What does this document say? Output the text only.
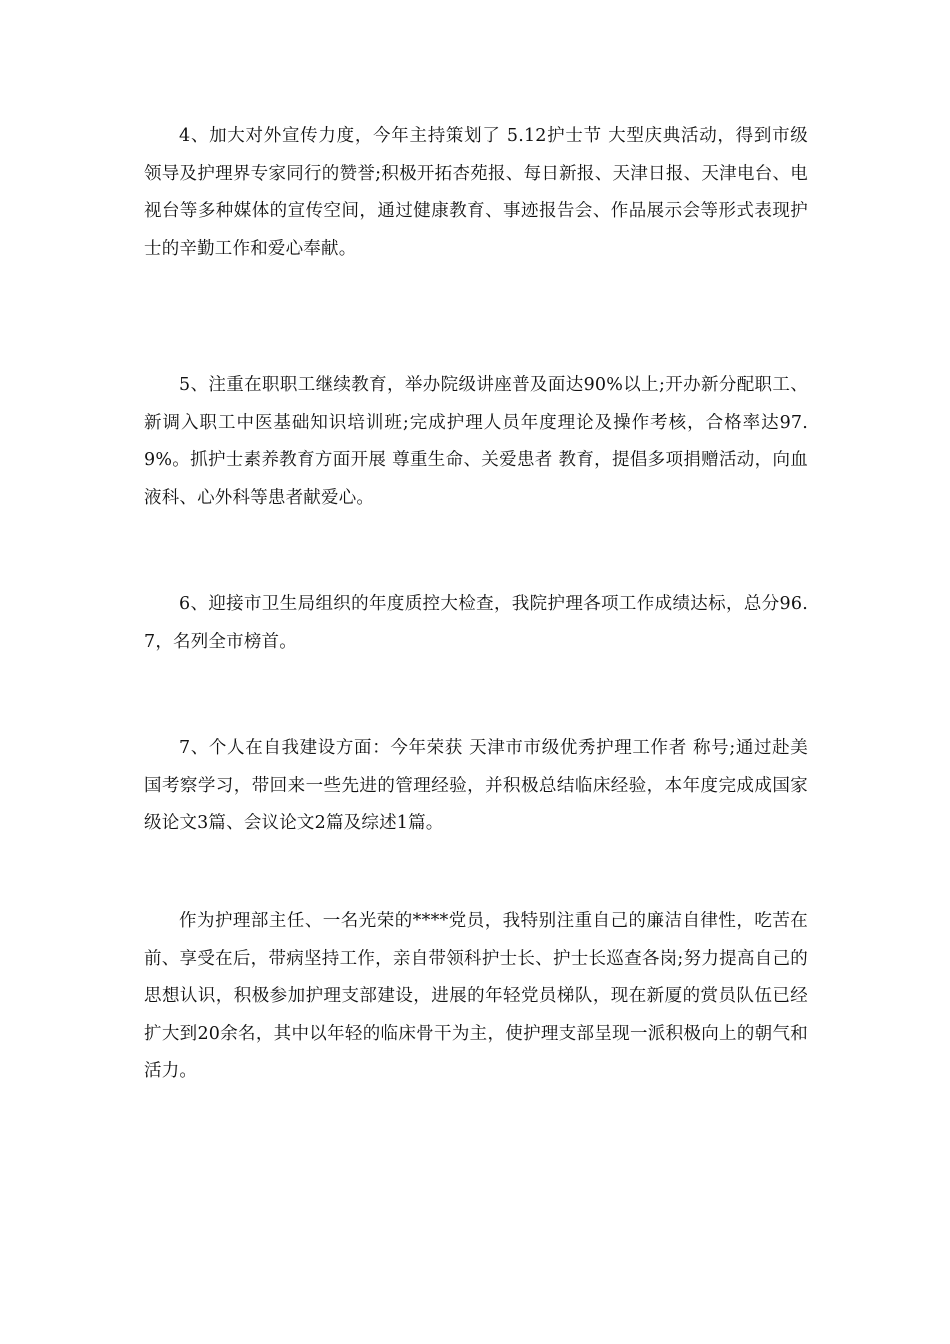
4、加大对外宣传力度，今年主持策划了 5.12护士节 大型庆典活动，得到市级领导及护理界专家同行的赞誉;积极开拓杏苑报、每日新报、天津日报、天津电台、电视台等多种媒体的宣传空间，通过健康教育、事迹报告会、作品展示会等形式表现护士的辛勤工作和爱心奉献。

5、注重在职职工继续教育，举办院级讲座普及面达90%以上;开办新分配职工、新调入职工中医基础知识培训班;完成护理人员年度理论及操作考核，合格率达97.9%。抓护士素养教育方面开展 尊重生命、关爱患者 教育，提倡多项捐赠活动，向血液科、心外科等患者献爱心。

6、迎接市卫生局组织的年度质控大检查，我院护理各项工作成绩达标，总分96.7，名列全市榜首。

7、个人在自我建设方面：今年荣获 天津市市级优秀护理工作者 称号;通过赴美国考察学习，带回来一些先进的管理经验，并积极总结临床经验，本年度完成成国家级论文3篇、会议论文2篇及综述1篇。

作为护理部主任、一名光荣的****党员，我特别注重自己的廉洁自律性，吃苦在前、享受在后，带病坚持工作，亲自带领科护士长、护士长巡查各岗;努力提高自己的思想认识，积极参加护理支部建设，进展的年轻党员梯队，现在新厦的赏员队伍已经扩大到20余名，其中以年轻的临床骨干为主，使护理支部呈现一派积极向上的朝气和活力。
